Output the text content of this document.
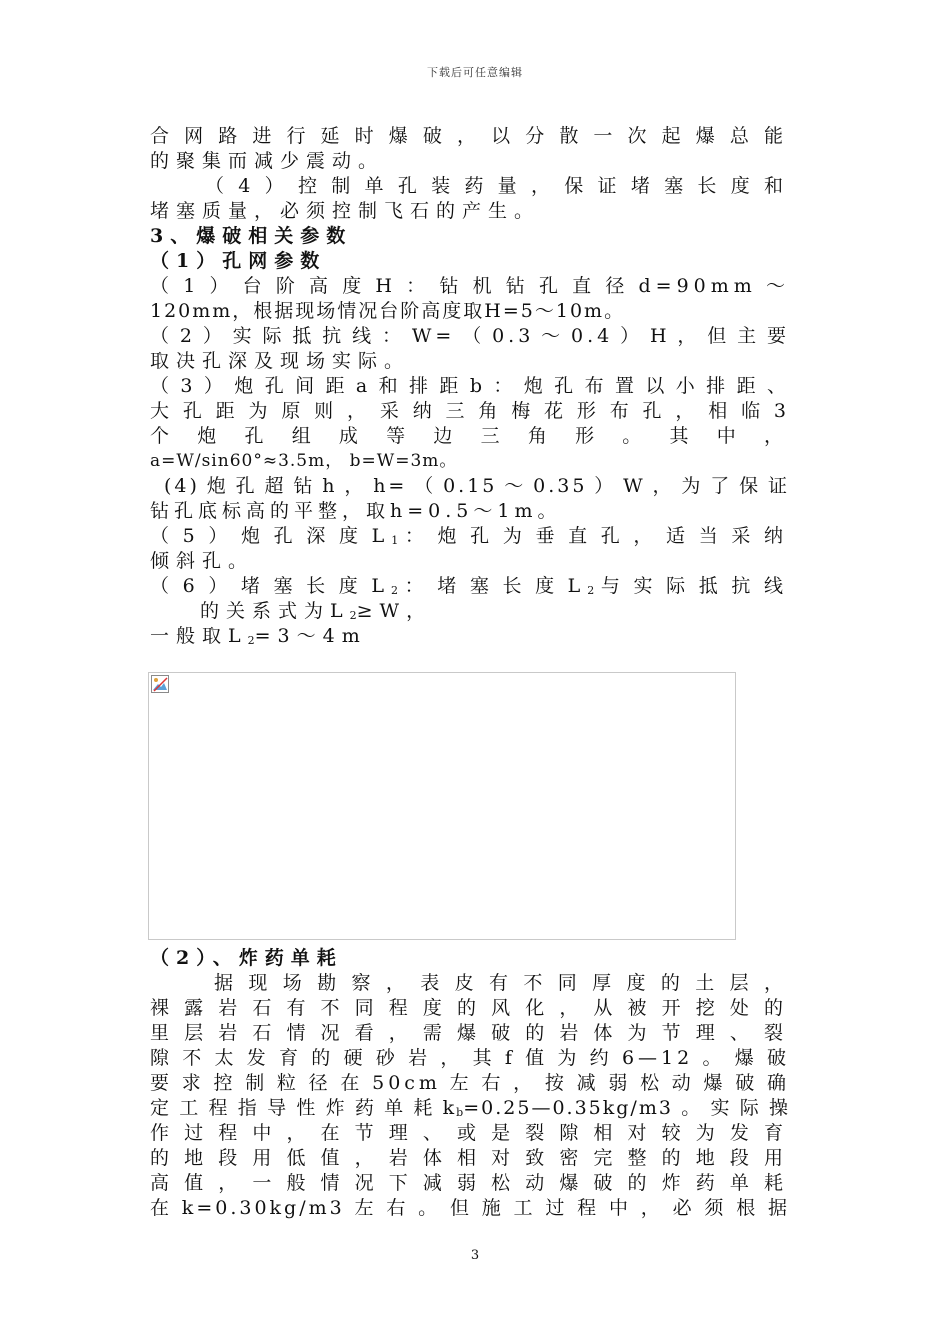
下载后可任意编辑
合网路进行延时爆破，以分散一次起爆总能
的聚集而减少震动。
（4）控制单孔装药量，保证堵塞长度和
堵塞质量，必须控制飞石的产生。
3、爆破相关参数
（1）孔网参数
（1）台阶高度H：钻机钻孔直径d=90mm～
120mm，根据现场情况台阶高度取H=5～10m。
（2）实际抵抗线：W=（0.3～0.4）H，但主要
取决孔深及现场实际。
（3）炮孔间距a和排距b：炮孔布置以小排距、
大孔距为原则，采纳三角梅花形布孔，相临3
个炮孔组成等边三角形。其中，
a=W/sin60°≈3.5m， b=W=3m。
(4)炮孔超钻h，h=（0.15～0.35）W，为了保证
钻孔底标高的平整，取h=0.5～1m。
（5）炮孔深度$L_1$：炮孔为垂直孔，适当采纳
倾斜孔。
（6）堵塞长度$L_2$：堵塞长度$L_2$与实际抵抗线
的关系式为$L_2\ge W$，
一般取$L_2=3\sim 4m$
（2）、炸药单耗
据现场勘察，表皮有不同厚度的土层，
裸露岩石有不同程度的风化，从被开挖处的
里层岩石情况看，需爆破的岩体为节理、裂
隙不太发育的硬砂岩，其f值为约6—12。爆破
要求控制粒径在50cm左右，按减弱松动爆破确
定工程指导性炸药单耗$k_b=0.25—0.35kg/m3$。实际操
作过程中，在节理、或是裂隙相对较为发育
的地段用低值，岩体相对致密完整的地段用
高值，一般情况下减弱松动爆破的炸药单耗
在k=0.30kg/m3左右。但施工过程中，必须根据
3
